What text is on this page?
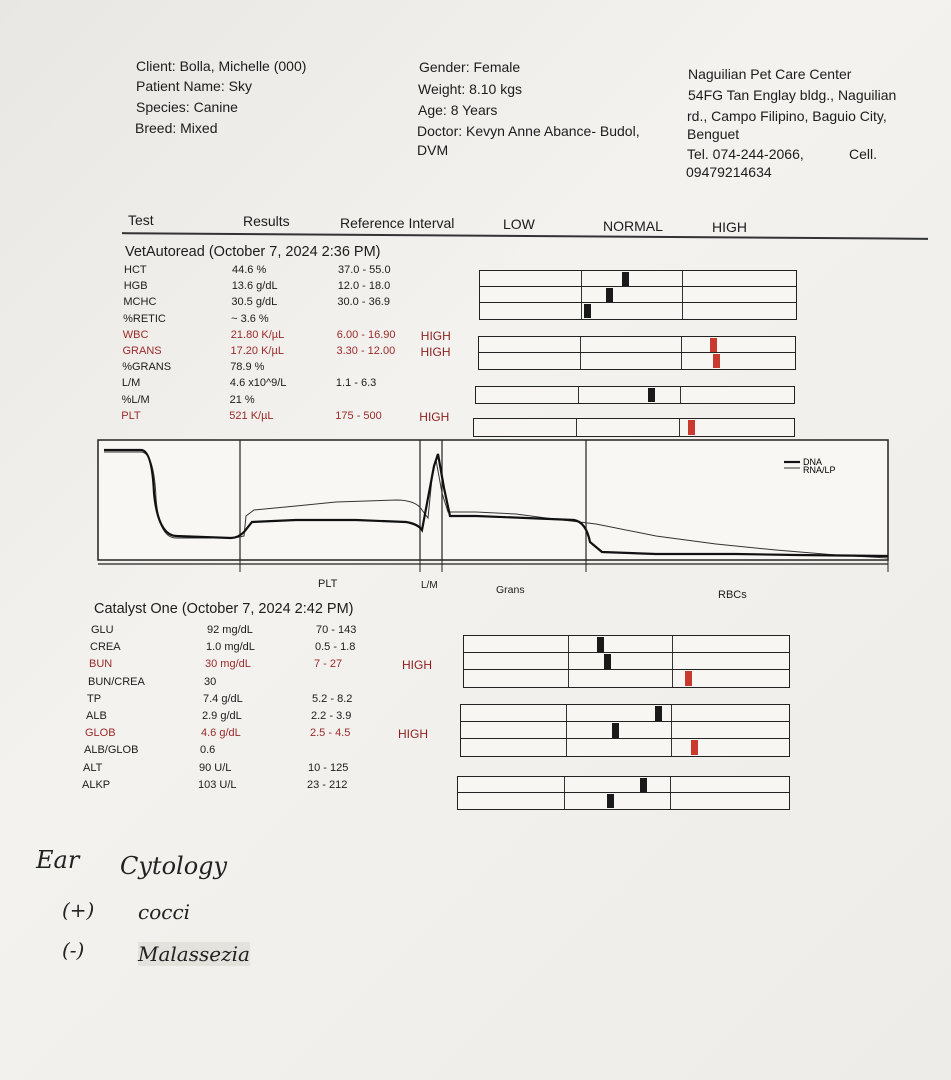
Client: Bolla, Michelle (000)
Patient Name: Sky
Species: Canine
Breed: Mixed
Gender: Female
Weight: 8.10 kgs
Age: 8 Years
Doctor: Kevyn Anne Abance- Budol,
DVM
Naguilian Pet Care Center
54FG Tan Englay bldg., Naguilian
rd., Campo Filipino, Baguio City,
Benguet
Tel. 074-244-2066,	Cell.
09479214634
Test	Results	Reference Interval	LOW	NORMAL	HIGH
VetAutoread (October 7, 2024 2:36 PM)
HCT	44.6 %	37.0 - 55.0
HGB	13.6 g/dL	12.0 - 18.0
MCHC	30.5 g/dL	30.0 - 36.9
%RETIC	~ 3.6 %
WBC	21.80 K/µL	6.00 - 16.90 HIGH
GRANS	17.20 K/µL	3.30 - 12.00 HIGH
%GRANS	78.9 %
L/M	4.6 x10^9/L	1.1 - 6.3
%L/M	21 %
PLT	521 K/µL	175 - 500	HIGH
DNA
RNA/LP
PLT	L/M	Grans	RBCs
Catalyst One (October 7, 2024 2:42 PM)
GLU	92 mg/dL	70 - 143
CREA	1.0 mg/dL	0.5 - 1.8
BUN	30 mg/dL	7 - 27	HIGH
BUN/CREA	30
TP	7.4 g/dL	5.2 - 8.2
ALB	2.9 g/dL	2.2 - 3.9
GLOB	4.6 g/dL	2.5 - 4.5	HIGH
ALB/GLOB	0.6
ALT	90 U/L	10 - 125
ALKP	103 U/L	23 - 212
Ear Cytology
(+) cocci
(-)	Malassezia
